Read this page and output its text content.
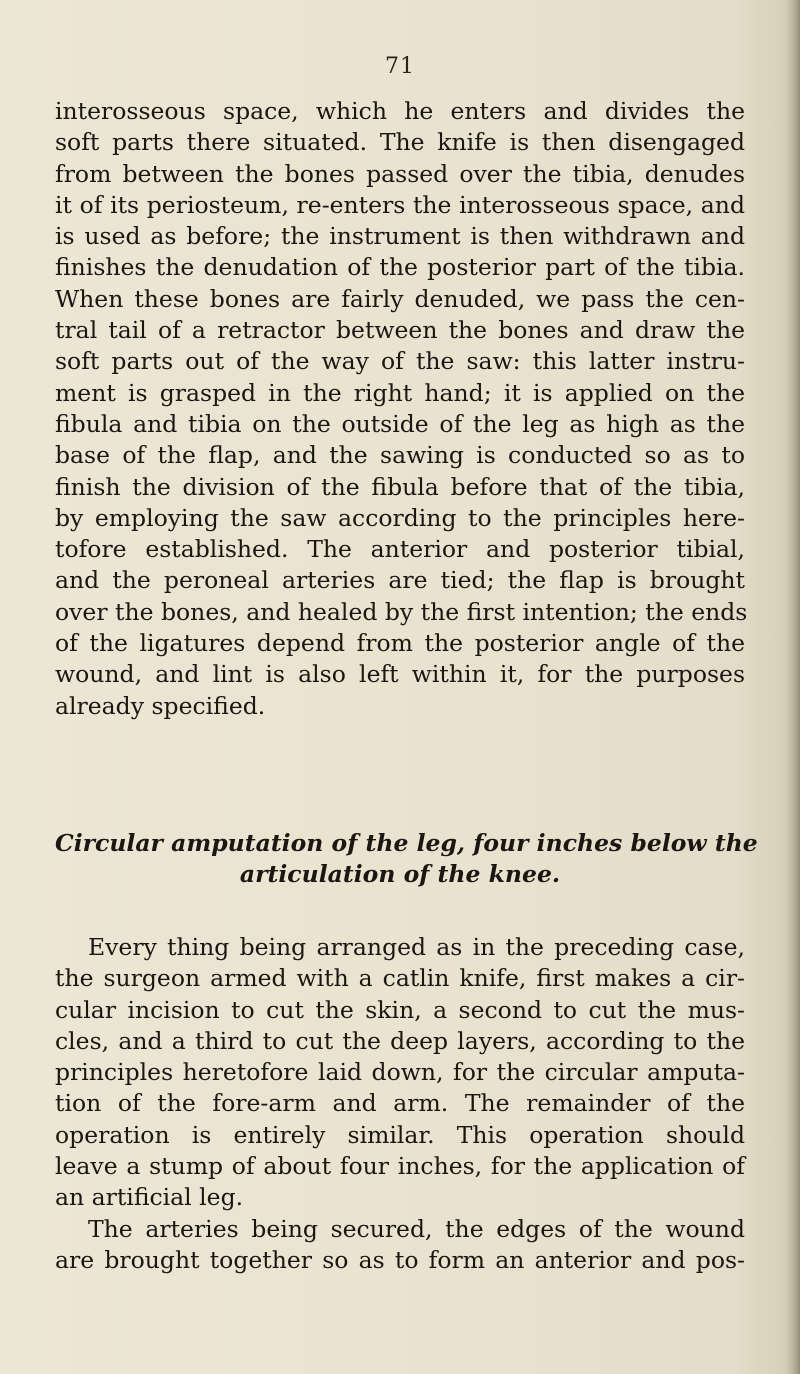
71
interosseous space, which he enters and divides the
soft parts there situated. The knife is then disengaged
from between the bones passed over the tibia, denudes
it of its periosteum, re-enters the interosseous space, and
is used as before; the instrument is then withdrawn and
finishes the denudation of the posterior part of the tibia.
When these bones are fairly denuded, we pass the cen-
tral tail of a retractor between the bones and draw the
soft parts out of the way of the saw: this latter instru-
ment is grasped in the right hand; it is applied on the
fibula and tibia on the outside of the leg as high as the
base of the flap, and the sawing is conducted so as to
finish the division of the fibula before that of the tibia,
by employing the saw according to the principles here-
tofore established. The anterior and posterior tibial,
and the peroneal arteries are tied; the flap is brought
over the bones, and healed by the first intention; the ends
of the ligatures depend from the posterior angle of the
wound, and lint is also left within it, for the purposes
already specified.
Circular amputation of the leg, four inches below the
articulation of the knee.
Every thing being arranged as in the preceding case,
the surgeon armed with a catlin knife, first makes a cir-
cular incision to cut the skin, a second to cut the mus-
cles, and a third to cut the deep layers, according to the
principles heretofore laid down, for the circular amputa-
tion of the fore-arm and arm. The remainder of the
operation is entirely similar. This operation should
leave a stump of about four inches, for the application of
an artificial leg.
The arteries being secured, the edges of the wound
are brought together so as to form an anterior and pos-
